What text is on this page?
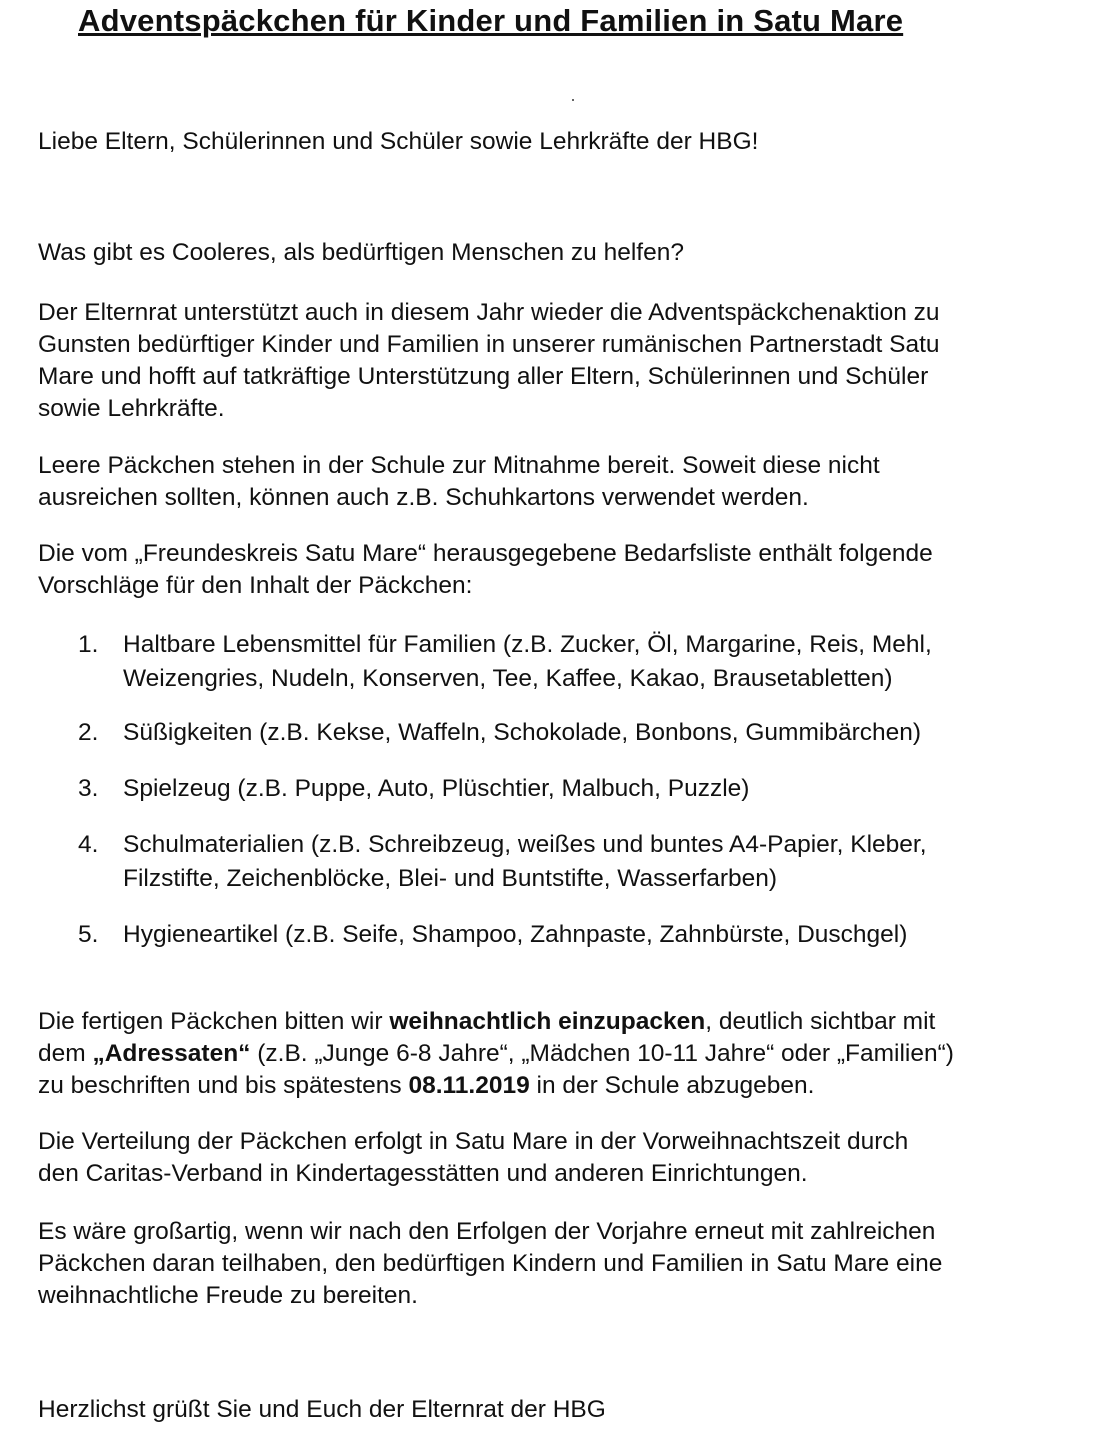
Adventspäckchen für Kinder und Familien in Satu Mare
Liebe Eltern, Schülerinnen und Schüler sowie Lehrkräfte der HBG!
Was gibt es Cooleres, als bedürftigen Menschen zu helfen?
Der Elternrat unterstützt auch in diesem Jahr wieder die Adventspäckchenaktion zu
Gunsten bedürftiger Kinder und Familien in unserer rumänischen Partnerstadt Satu
Mare und hofft auf tatkräftige Unterstützung aller Eltern, Schülerinnen und Schüler
sowie Lehrkräfte.
Leere Päckchen stehen in der Schule zur Mitnahme bereit. Soweit diese nicht
ausreichen sollten, können auch z.B. Schuhkartons verwendet werden.
Die vom „Freundeskreis Satu Mare“ herausgegebene Bedarfsliste enthält folgende
Vorschläge für den Inhalt der Päckchen:
1.	Haltbare Lebensmittel für Familien (z.B. Zucker, Öl, Margarine, Reis, Mehl,
Weizengries, Nudeln, Konserven, Tee, Kaffee, Kakao, Brausetabletten)
2.	Süßigkeiten (z.B. Kekse, Waffeln, Schokolade, Bonbons, Gummibärchen)
3.	Spielzeug (z.B. Puppe, Auto, Plüschtier, Malbuch, Puzzle)
4.	Schulmaterialien (z.B. Schreibzeug, weißes und buntes A4-Papier, Kleber,
Filzstifte, Zeichenblöcke, Blei- und Buntstifte, Wasserfarben)
5.	Hygieneartikel (z.B. Seife, Shampoo, Zahnpaste, Zahnbürste, Duschgel)
Die fertigen Päckchen bitten wir weihnachtlich einzupacken, deutlich sichtbar mit
dem „Adressaten“ (z.B. „Junge 6-8 Jahre“, „Mädchen 10-11 Jahre“ oder „Familien“)
zu beschriften und bis spätestens 08.11.2019 in der Schule abzugeben.
Die Verteilung der Päckchen erfolgt in Satu Mare in der Vorweihnachtszeit durch
den Caritas-Verband in Kindertagesstätten und anderen Einrichtungen.
Es wäre großartig, wenn wir nach den Erfolgen der Vorjahre erneut mit zahlreichen
Päckchen daran teilhaben, den bedürftigen Kindern und Familien in Satu Mare eine
weihnachtliche Freude zu bereiten.
Herzlichst grüßt Sie und Euch der Elternrat der HBG
